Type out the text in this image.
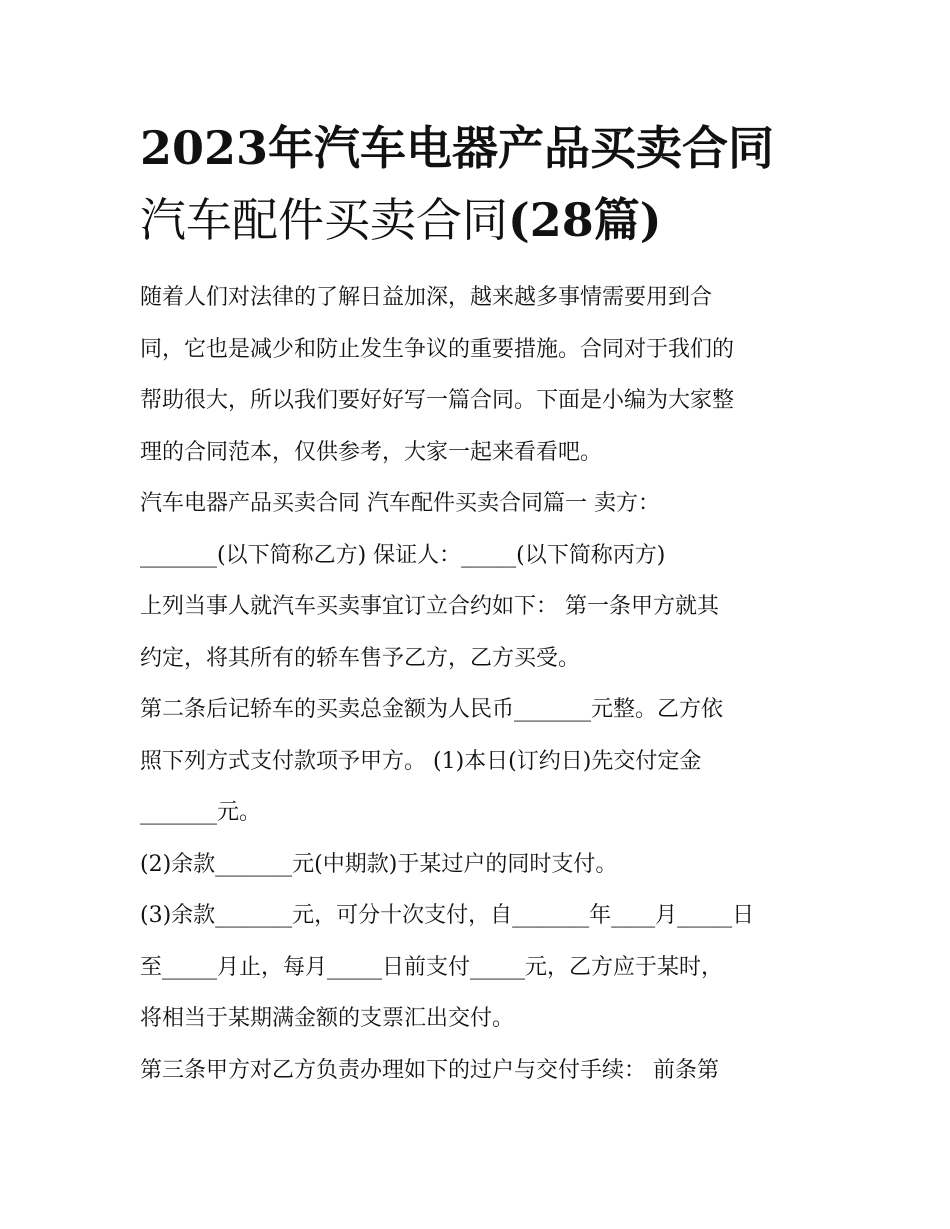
2023年汽车电器产品买卖合同
汽车配件买卖合同(28篇)

随着人们对法律的了解日益加深，越来越多事情需要用到合
同，它也是减少和防止发生争议的重要措施。合同对于我们的
帮助很大，所以我们要好好写一篇合同。下面是小编为大家整
理的合同范本，仅供参考，大家一起来看看吧。

汽车电器产品买卖合同 汽车配件买卖合同篇一 卖方：
_______(以下简称乙方) 保证人：_____(以下简称丙方)

上列当事人就汽车买卖事宜订立合约如下： 第一条甲方就其
约定，将其所有的轿车售予乙方，乙方买受。

第二条后记轿车的买卖总金额为人民币_______元整。乙方依
照下列方式支付款项予甲方。 (1)本日(订约日)先交付定金
_______元。

(2)余款_______元(中期款)于某过户的同时支付。

(3)余款_______元，可分十次支付，自_______年____月_____日
至_____月止，每月_____日前支付_____元，乙方应于某时，
将相当于某期满金额的支票汇出交付。

第三条甲方对乙方负责办理如下的过户与交付手续： 前条第
